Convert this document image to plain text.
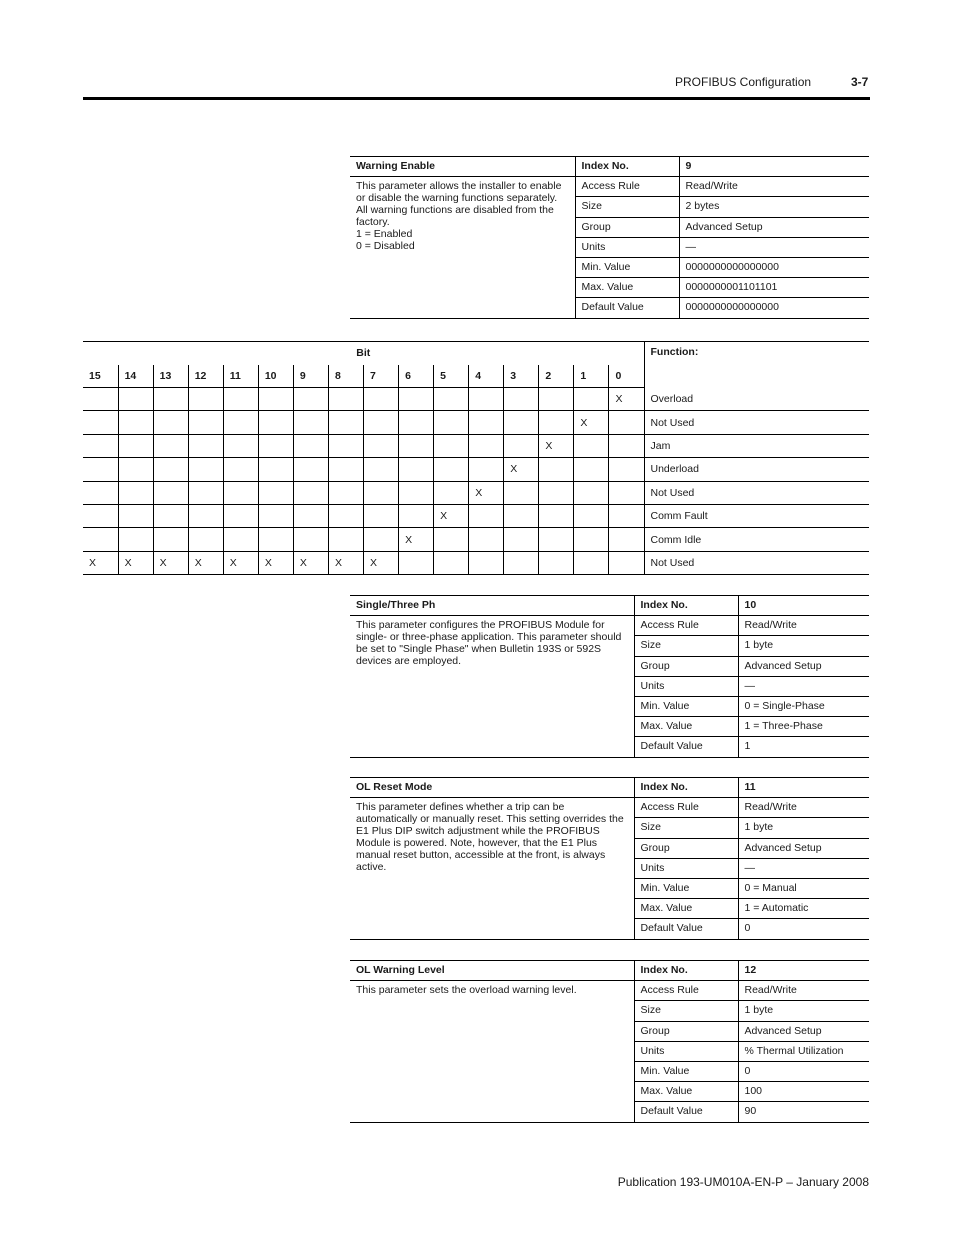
PROFIBUS Configuration	3-7
Warning Enable	Index No.	9
This parameter allows the installer to enable or disable the warning functions separately. All warning functions are disabled from the factory.
1 = Enabled
0 = Disabled	Access Rule	Read/Write
	Size	2 bytes
	Group	Advanced Setup
	Units	—
	Min. Value	0000000000000000
	Max. Value	0000000001101101
	Default Value	0000000000000000
Bit																Function:
15	14	13	12	11	10	9	8	7	6	5	4	3	2	1	0	
															X	Overload
														X		Not Used
													X			Jam
												X				Underload
											X					Not Used
										X						Comm Fault
									X							Comm Idle
X	X	X	X	X	X	X	X	X								Not Used
Single/Three Ph	Index No.	10
This parameter configures the PROFIBUS Module for single- or three-phase application. This parameter should be set to "Single Phase" when Bulletin 193S or 592S devices are employed.	Access Rule	Read/Write
	Size	1 byte
	Group	Advanced Setup
	Units	—
	Min. Value	0 = Single-Phase
	Max. Value	1 = Three-Phase
	Default Value	1
OL Reset Mode	Index No.	11
This parameter defines whether a trip can be automatically or manually reset. This setting overrides the E1 Plus DIP switch adjustment while the PROFIBUS Module is powered. Note, however, that the E1 Plus manual reset button, accessible at the front, is always active.	Access Rule	Read/Write
	Size	1 byte
	Group	Advanced Setup
	Units	—
	Min. Value	0 = Manual
	Max. Value	1 = Automatic
	Default Value	0
OL Warning Level	Index No.	12
This parameter sets the overload warning level.	Access Rule	Read/Write
	Size	1 byte
	Group	Advanced Setup
	Units	% Thermal Utilization
	Min. Value	0
	Max. Value	100
	Default Value	90
Publication 193-UM010A-EN-P – January 2008
